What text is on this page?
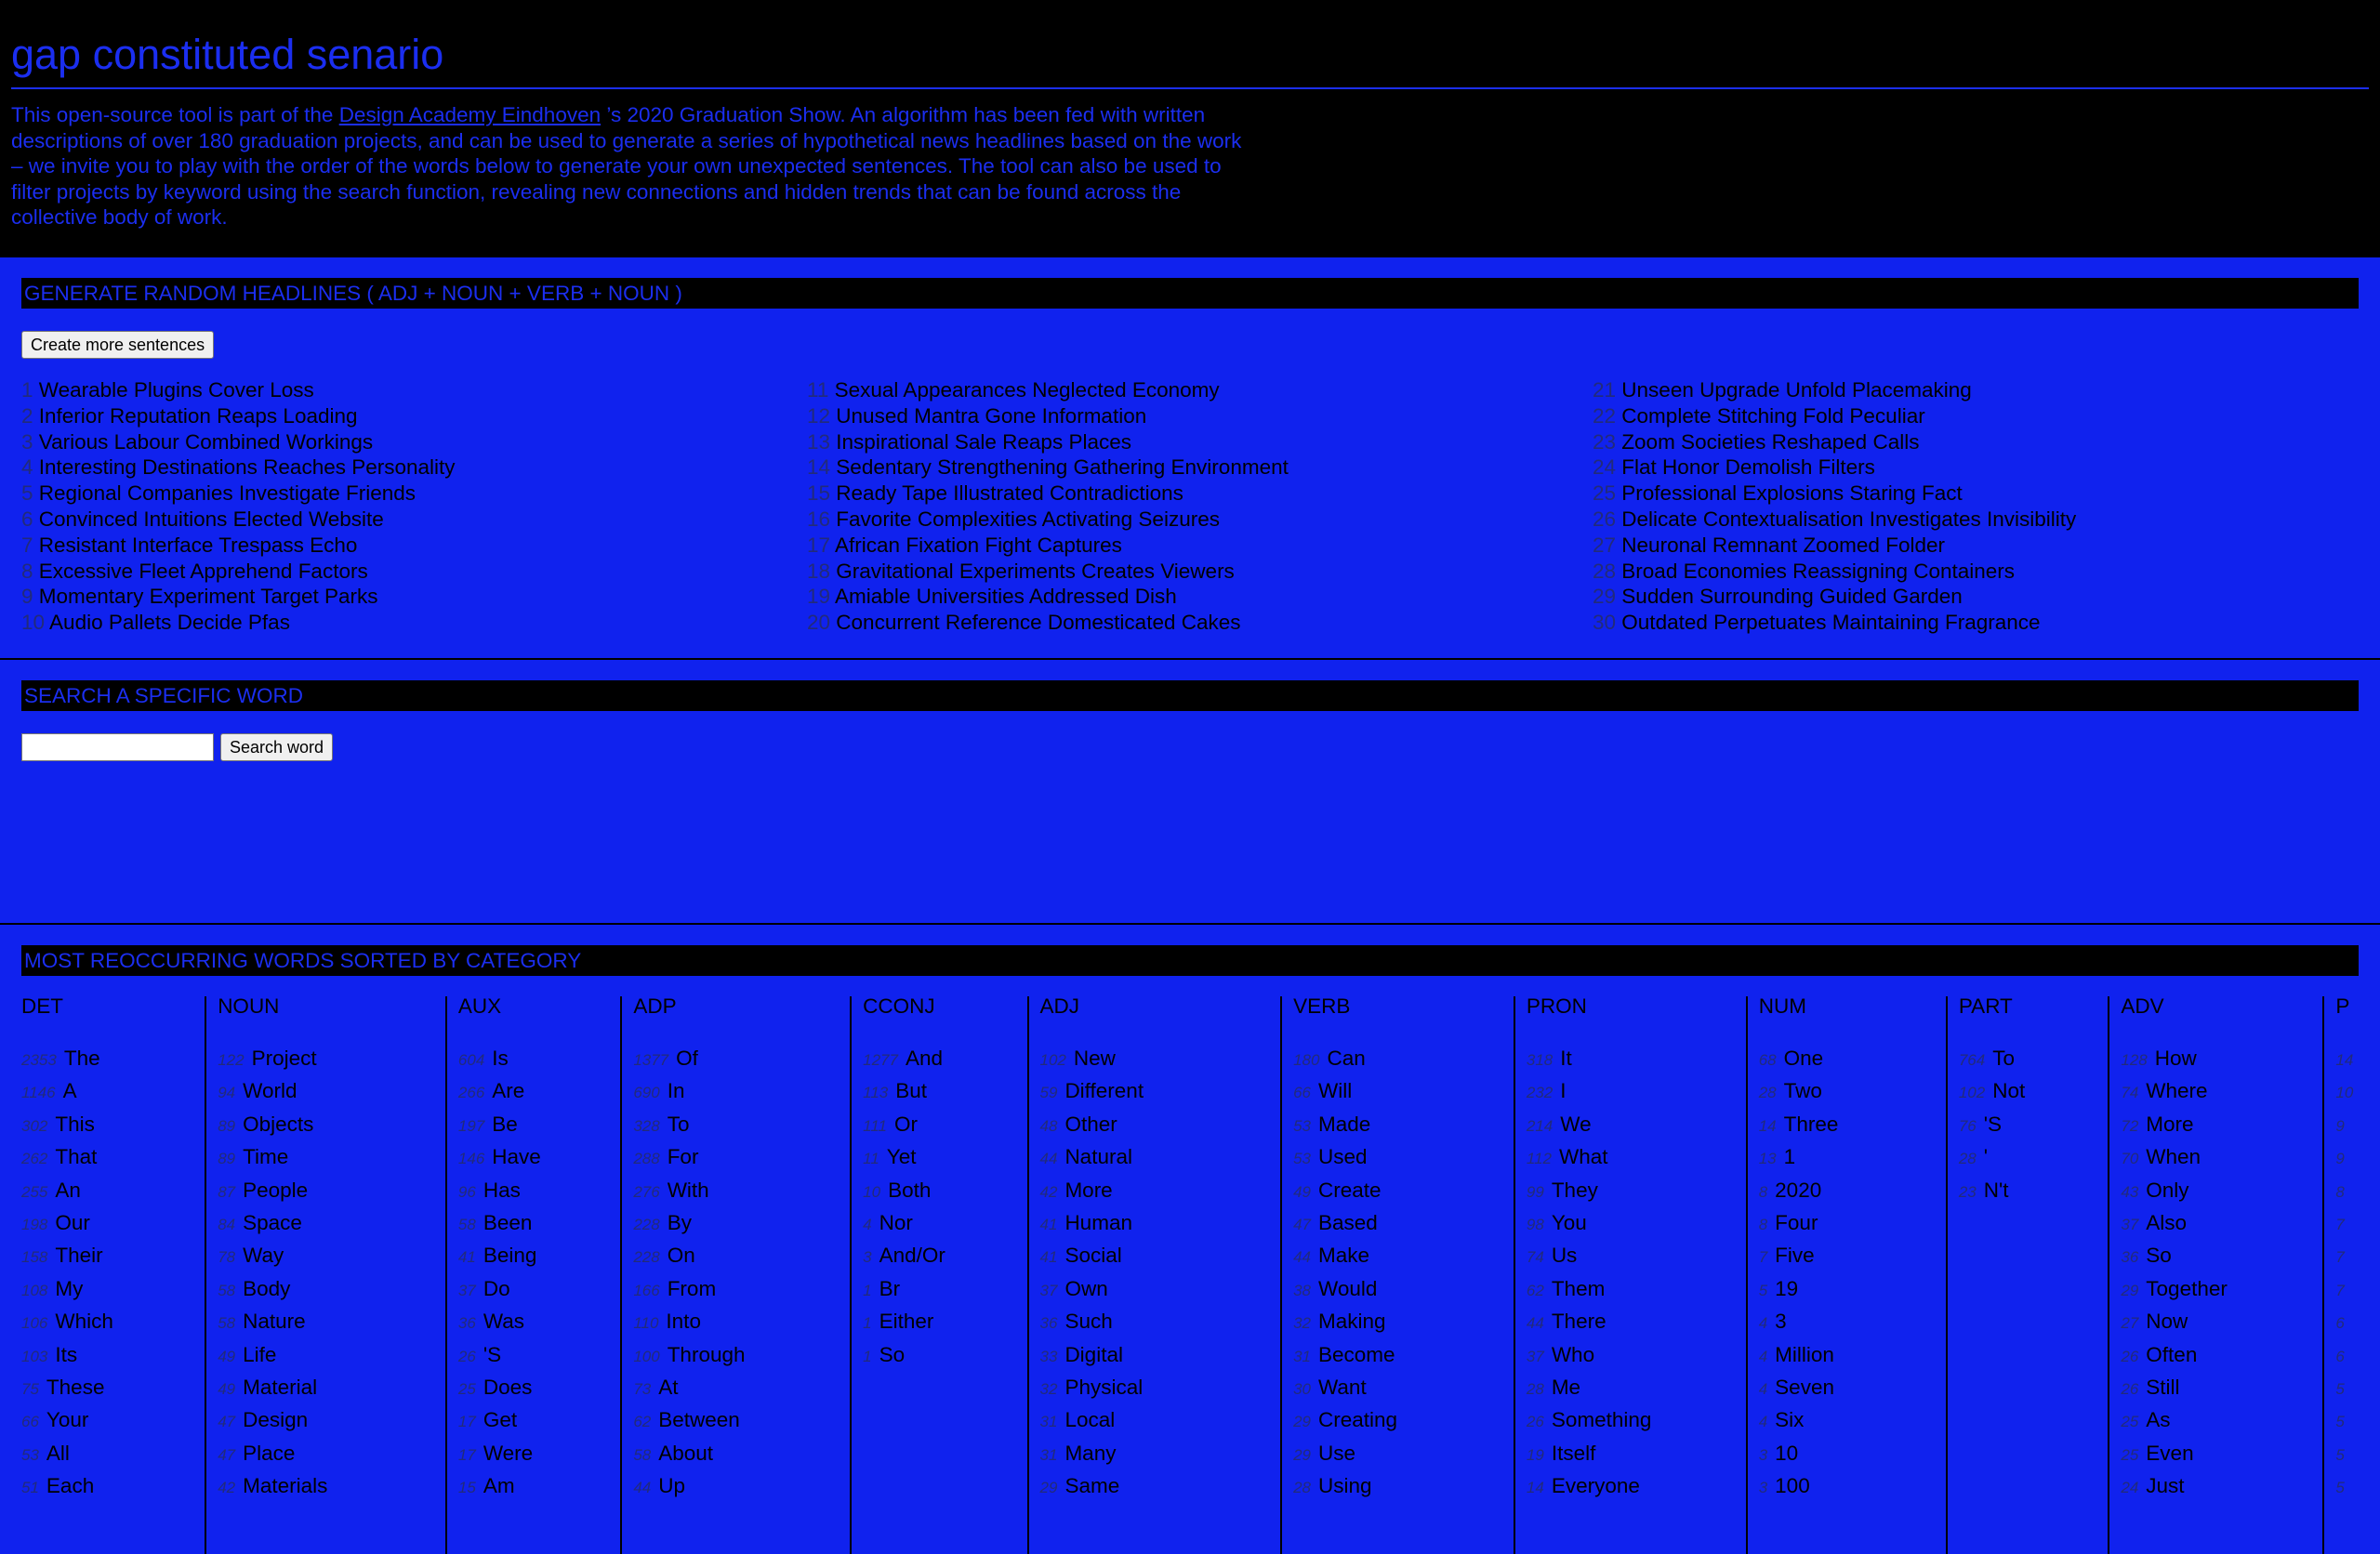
gap constituted senario

This open-source tool is part of the Design Academy Eindhoven ’s 2020 Graduation Show. An algorithm has been fed with written descriptions of over 180 graduation projects, and can be used to generate a series of hypothetical news headlines based on the work – we invite you to play with the order of the words below to generate your own unexpected sentences. The tool can also be used to filter projects by keyword using the search function, revealing new connections and hidden trends that can be found across the collective body of work.

GENERATE RANDOM HEADLINES ( ADJ + NOUN + VERB + NOUN )
Create more sentences
1 Wearable Plugins Cover Loss
2 Inferior Reputation Reaps Loading
3 Various Labour Combined Workings
4 Interesting Destinations Reaches Personality
5 Regional Companies Investigate Friends
6 Convinced Intuitions Elected Website
7 Resistant Interface Trespass Echo
8 Excessive Fleet Apprehend Factors
9 Momentary Experiment Target Parks
10 Audio Pallets Decide Pfas
11 Sexual Appearances Neglected Economy
12 Unused Mantra Gone Information
13 Inspirational Sale Reaps Places
14 Sedentary Strengthening Gathering Environment
15 Ready Tape Illustrated Contradictions
16 Favorite Complexities Activating Seizures
17 African Fixation Fight Captures
18 Gravitational Experiments Creates Viewers
19 Amiable Universities Addressed Dish
20 Concurrent Reference Domesticated Cakes
21 Unseen Upgrade Unfold Placemaking
22 Complete Stitching Fold Peculiar
23 Zoom Societies Reshaped Calls
24 Flat Honor Demolish Filters
25 Professional Explosions Staring Fact
26 Delicate Contextualisation Investigates Invisibility
27 Neuronal Remnant Zoomed Folder
28 Broad Economies Reassigning Containers
29 Sudden Surrounding Guided Garden
30 Outdated Perpetuates Maintaining Fragrance
SEARCH A SPECIFIC WORD
Search word
MOST REOCCURRING WORDS SORTED BY CATEGORY
DET
2353 The
1146 A
302 This
262 That
255 An
198 Our
158 Their
108 My
106 Which
103 Its
75 These
66 Your
53 All
51 Each
NOUN
122 Project
94 World
89 Objects
89 Time
87 People
84 Space
78 Way
58 Body
58 Nature
49 Life
49 Material
47 Design
47 Place
42 Materials
AUX
604 Is
266 Are
197 Be
146 Have
96 Has
58 Been
41 Being
37 Do
36 Was
26 'S
25 Does
17 Get
17 Were
15 Am
ADP
1377 Of
690 In
328 To
288 For
276 With
228 By
228 On
166 From
110 Into
100 Through
73 At
62 Between
58 About
44 Up
CCONJ
1277 And
113 But
111 Or
11 Yet
10 Both
4 Nor
3 And/Or
1 Br
1 Either
1 So
ADJ
102 New
59 Different
48 Other
44 Natural
42 More
41 Human
41 Social
37 Own
36 Such
33 Digital
32 Physical
31 Local
31 Many
29 Same
VERB
180 Can
66 Will
53 Made
53 Used
49 Create
47 Based
44 Make
38 Would
32 Making
31 Become
30 Want
29 Creating
29 Use
28 Using
PRON
318 It
232 I
214 We
112 What
99 They
98 You
74 Us
62 Them
44 There
37 Who
28 Me
26 Something
19 Itself
14 Everyone
NUM
68 One
28 Two
14 Three
13 1
8 2020
8 Four
7 Five
5 19
4 3
4 Million
4 Seven
4 Six
3 10
3 100
PART
764 To
102 Not
76 'S
28 '
23 N't
ADV
128 How
74 Where
72 More
70 When
43 Only
37 Also
36 So
29 Together
27 Now
26 Often
26 Still
25 As
25 Even
24 Just
P
14
10
9
9
8
7
7
7
6
6
5
5
5
5
